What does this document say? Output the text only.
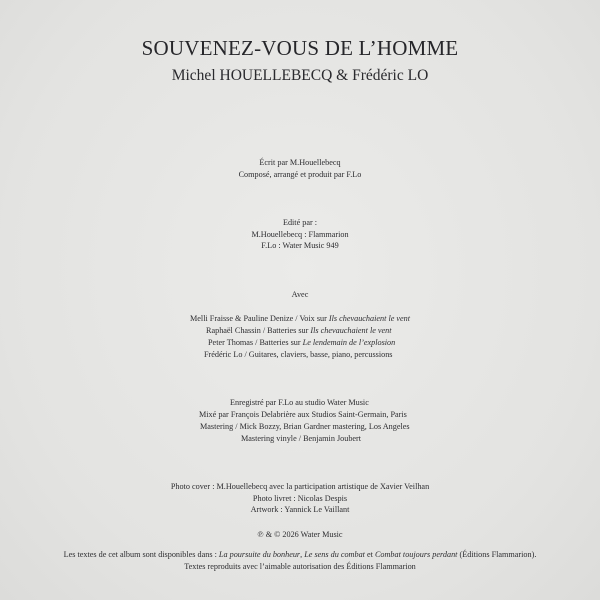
SOUVENEZ-VOUS DE L’HOMME
Michel HOUELLEBECQ & Frédéric LO
Écrit par M.Houellebecq
Composé, arrangé et produit par F.Lo
Edité par :
M.Houellebecq : Flammarion
F.Lo : Water Music 949
Avec
Melli Fraisse & Pauline Denize / Voix sur Ils chevauchaient le vent
Raphaël Chassin / Batteries sur Ils chevauchaient le vent
Peter Thomas / Batteries sur Le lendemain de l’explosion
Frédéric Lo / Guitares, claviers, basse, piano, percussions
Enregistré par F.Lo au studio Water Music
Mixé par François Delabrière aux Studios Saint-Germain, Paris
Mastering / Mick Bozzy, Brian Gardner mastering, Los Angeles
Mastering vinyle / Benjamin Joubert
Photo cover : M.Houellebecq avec la participation artistique de Xavier Veilhan
Photo livret : Nicolas Despis
Artwork : Yannick Le Vaillant
℗ & © 2026 Water Music
Les textes de cet album sont disponibles dans : La poursuite du bonheur, Le sens du combat et Combat toujours perdant (Éditions Flammarion).
Textes reproduits avec l’aimable autorisation des Éditions Flammarion
